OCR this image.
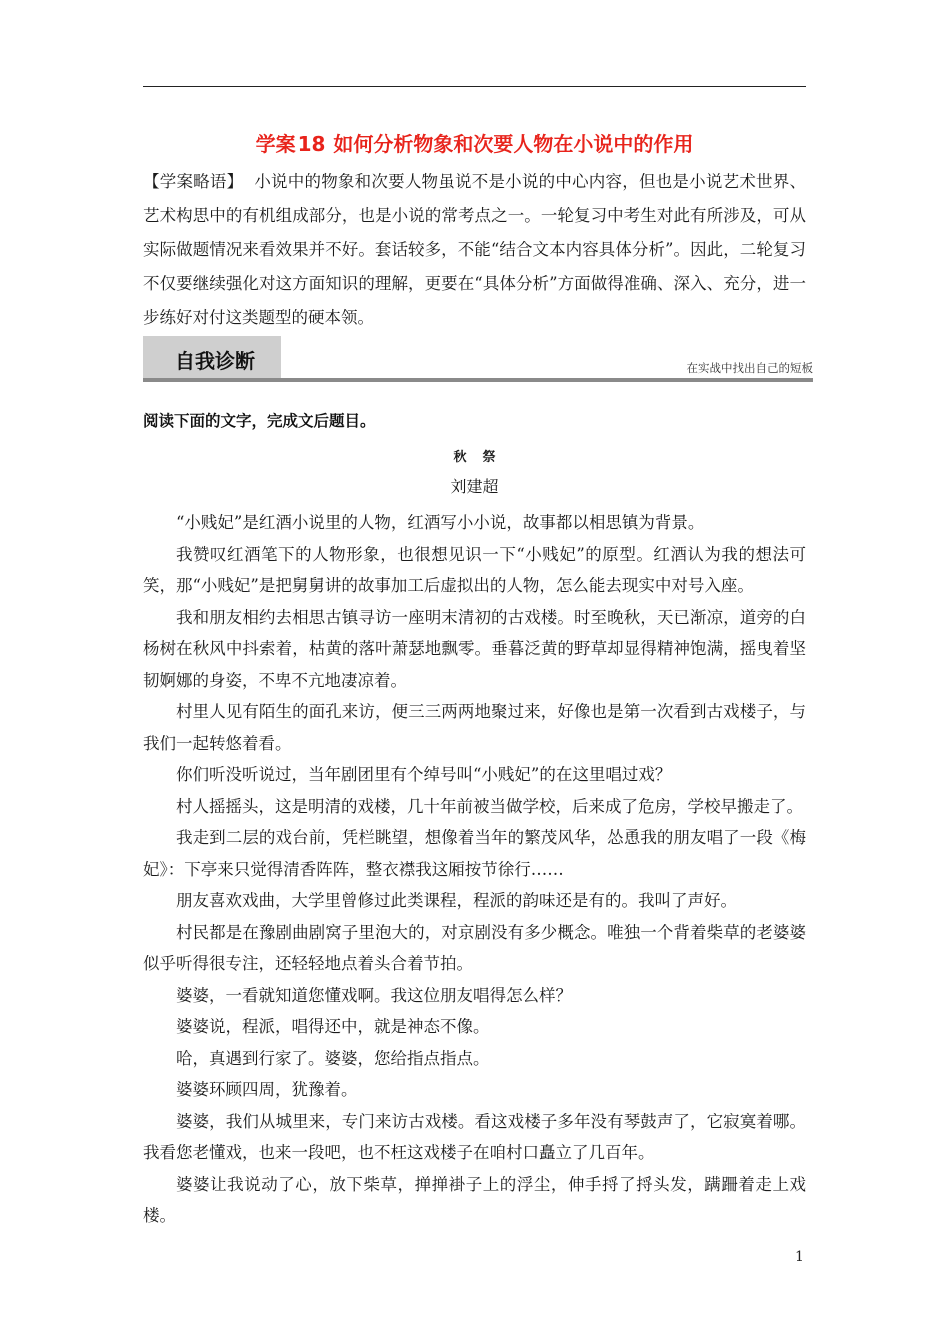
学案 18 如何分析物象和次要人物在小说中的作用
【学案略语】 小说中的物象和次要人物虽说不是小说的中心内容，但也是小说艺术世界、艺术构思中的有机组成部分，也是小说的常考点之一。一轮复习中考生对此有所涉及，可从实际做题情况来看效果并不好。套话较多，不能“结合文本内容具体分析”。因此，二轮复习不仅要继续强化对这方面知识的理解，更要在“具体分析”方面做得准确、深入、充分，进一步练好对付这类题型的硬本领。
自我诊断	在实战中找出自己的短板
阅读下面的文字，完成文后题目。
秋祭
刘建超

“小贱妃”是红酒小说里的人物，红酒写小小说，故事都以相思镇为背景。

我赞叹红酒笔下的人物形象，也很想见识一下“小贱妃”的原型。红酒认为我的想法可笑，那“小贱妃”是把舅舅讲的故事加工后虚拟出的人物，怎么能去现实中对号入座。

我和朋友相约去相思古镇寻访一座明末清初的古戏楼。时至晚秋，天已渐凉，道旁的白杨树在秋风中抖索着，枯黄的落叶萧瑟地飘零。垂暮泛黄的野草却显得精神饱满，摇曳着坚韧婀娜的身姿，不卑不亢地凄凉着。

村里人见有陌生的面孔来访，便三三两两地聚过来，好像也是第一次看到古戏楼子，与我们一起转悠着看。

你们听没听说过，当年剧团里有个绰号叫“小贱妃”的在这里唱过戏？

村人摇摇头，这是明清的戏楼，几十年前被当做学校，后来成了危房，学校早搬走了。

我走到二层的戏台前，凭栏眺望，想像着当年的繁茂风华，怂恿我的朋友唱了一段《梅妃》：下亭来只觉得清香阵阵，整衣襟我这厢按节徐行……

朋友喜欢戏曲，大学里曾修过此类课程，程派的韵味还是有的。我叫了声好。

村民都是在豫剧曲剧窝子里泡大的，对京剧没有多少概念。唯独一个背着柴草的老婆婆似乎听得很专注，还轻轻地点着头合着节拍。

婆婆，一看就知道您懂戏啊。我这位朋友唱得怎么样？

婆婆说，程派，唱得还中，就是神态不像。

哈，真遇到行家了。婆婆，您给指点指点。

婆婆环顾四周，犹豫着。

婆婆，我们从城里来，专门来访古戏楼。看这戏楼子多年没有琴鼓声了，它寂寞着哪。我看您老懂戏，也来一段吧，也不枉这戏楼子在咱村口矗立了几百年。

婆婆让我说动了心，放下柴草，掸掸褂子上的浮尘，伸手捋了捋头发，蹒跚着走上戏楼。

1
